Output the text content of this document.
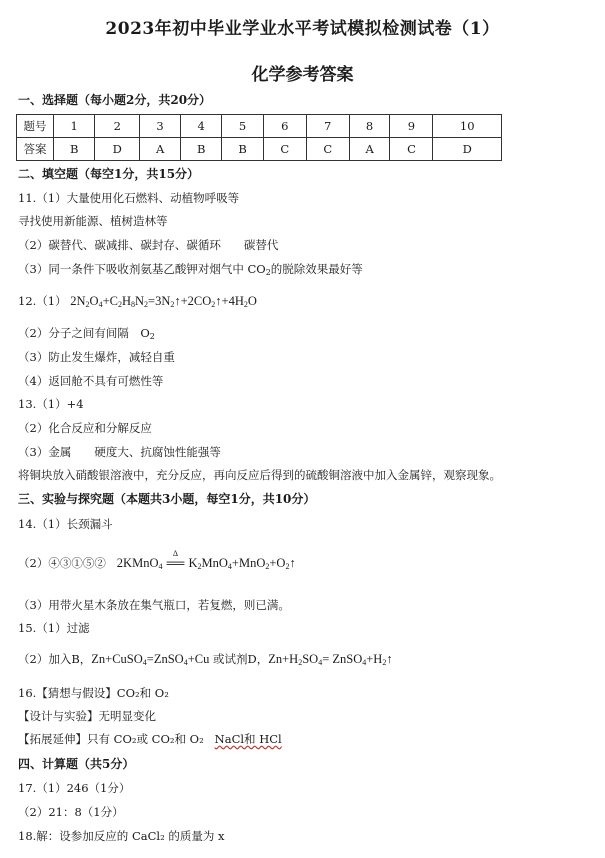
2023年初中毕业学业水平考试模拟检测试卷（1）
化学参考答案
一、选择题（每小题2分，共20分）
题号	1	2	3	4	5	6	7	8	9	10
答案	B	D	A	B	B	C	C	A	C	D
二、填空题（每空1分，共15分）
11.（1）大量使用化石燃料、动植物呼吸等
寻找使用新能源、植树造林等
（2）碳替代、碳减排、碳封存、碳循环　　碳替代
（3）同一条件下吸收剂氨基乙酸钾对烟气中 $CO_2$的脱除效果最好等
12.（1） $2N_2O_4+C_2H_8N_2=3N_2↑+2CO_2↑+4H_2O$
（2）分子之间有间隔　$O_2$
（3）防止发生爆炸，减轻自重
（4）返回舱不具有可燃性等
13.（1）+4
（2）化合反应和分解反应
（3）金属　　硬度大、抗腐蚀性能强等
将铜块放入硝酸银溶液中，充分反应，再向反应后得到的硫酸铜溶液中加入金属锌，观察现象。
三、实验与探究题（本题共3小题，每空1分，共10分）
14.（1）长颈漏斗
（2）④③①⑤② 2KMnO$_4$
Δ
══ $K_2MnO_4+MnO_2+O_2↑$
（3）用带火星木条放在集气瓶口，若复燃，则已满。
15.（1）过滤
（2）加入B，Zn+CuSO$_4$=ZnSO$_4$+Cu 或试剂D，$Zn+H_2SO_4=$ $ZnSO_4+H_2↑$
16.【猜想与假设】CO₂和 O₂
【设计与实验】无明显变化
【拓展延伸】只有 CO₂或 CO₂和 O₂ NaCl和 HCl
四、计算题（共5分）
17.（1）246（1分）
（2）21：8（1分）
18.解：设参加反应的 CaCl₂ 的质量为 x
